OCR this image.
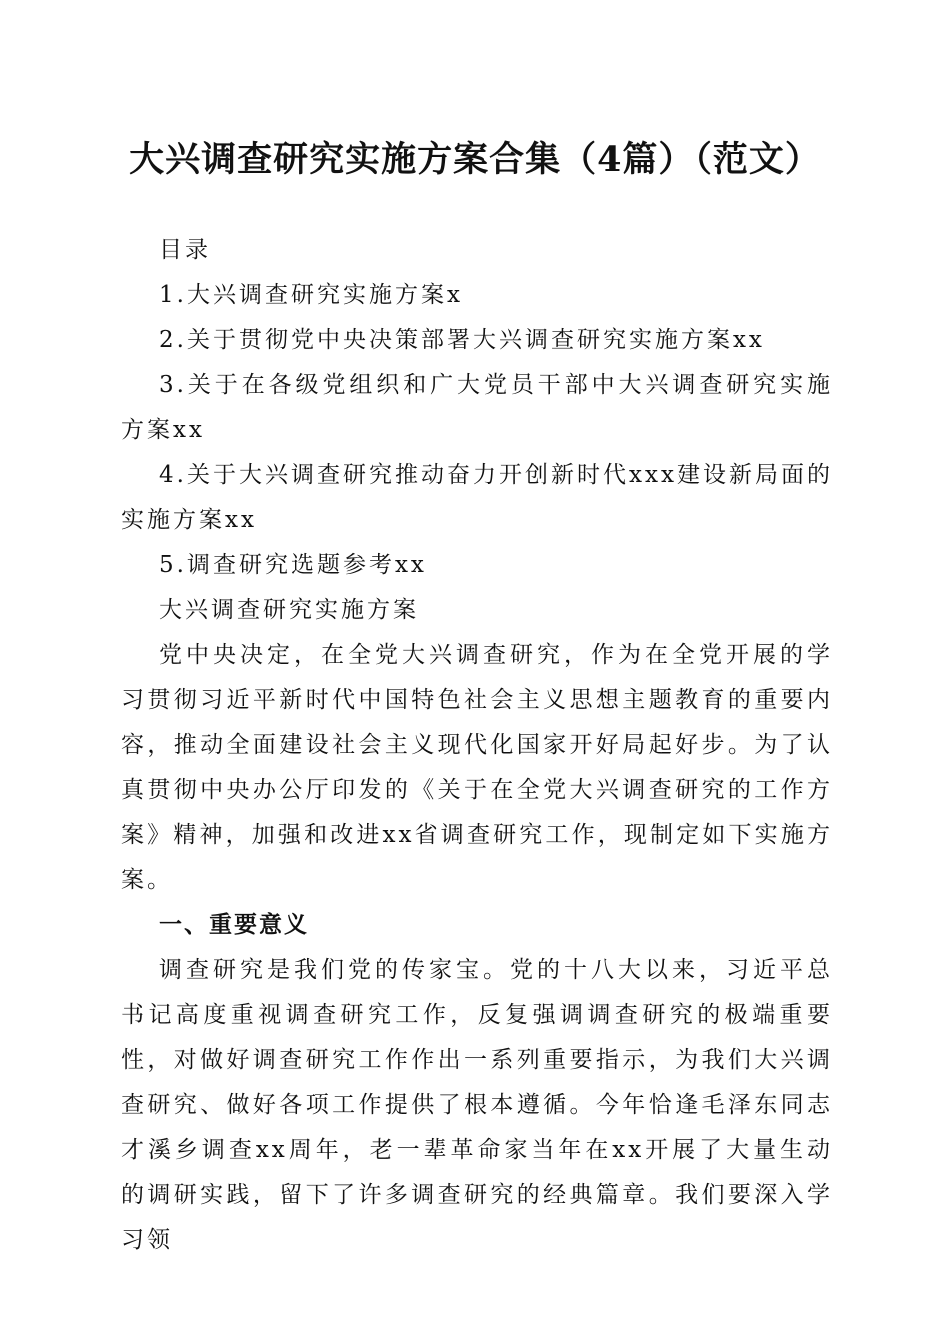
大兴调查研究实施方案合集（4篇）（范文）

目录

1.大兴调查研究实施方案x

2.关于贯彻党中央决策部署大兴调查研究实施方案xx

3.关于在各级党组织和广大党员干部中大兴调查研究实施方案xx

4.关于大兴调查研究推动奋力开创新时代xxx建设新局面的实施方案xx

5.调查研究选题参考xx

大兴调查研究实施方案

党中央决定，在全党大兴调查研究，作为在全党开展的学习贯彻习近平新时代中国特色社会主义思想主题教育的重要内容，推动全面建设社会主义现代化国家开好局起好步。为了认真贯彻中央办公厅印发的《关于在全党大兴调查研究的工作方案》精神，加强和改进xx省调查研究工作，现制定如下实施方案。

一、重要意义

调查研究是我们党的传家宝。党的十八大以来，习近平总书记高度重视调查研究工作，反复强调调查研究的极端重要性，对做好调查研究工作作出一系列重要指示，为我们大兴调查研究、做好各项工作提供了根本遵循。今年恰逢毛泽东同志才溪乡调查xx周年，老一辈革命家当年在xx开展了大量生动的调研实践，留下了许多调查研究的经典篇章。我们要深入学习领
